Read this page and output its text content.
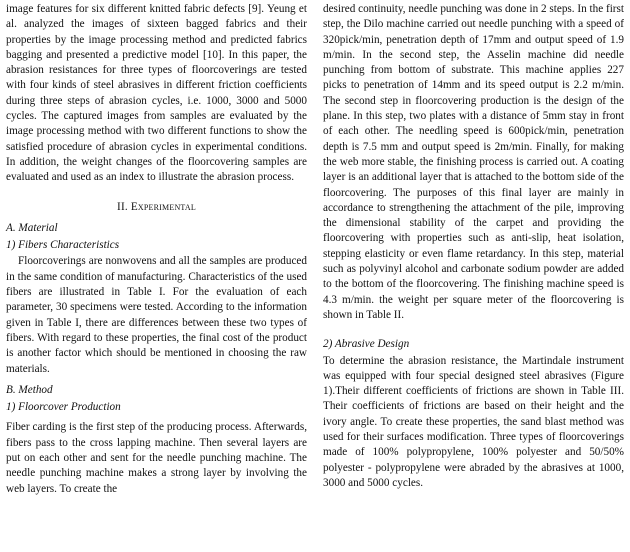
image features for six different knitted fabric defects [9]. Yeung et al. analyzed the images of sixteen bagged fabrics and their properties by the image processing method and predicted fabrics bagging and presented a predictive model [10]. In this paper, the abrasion resistances for three types of floorcoverings are tested with four kinds of steel abrasives in different friction coefficients during three steps of abrasion cycles, i.e. 1000, 3000 and 5000 cycles. The captured images from samples are evaluated by the image processing method with two different functions to show the satisfied procedure of abrasion cycles in experimental conditions. In addition, the weight changes of the floorcovering samples are evaluated and used as an index to illustrate the abrasion process.

II. Experimental
A. Material
1) Fibers Characteristics

Floorcoverings are nonwovens and all the samples are produced in the same condition of manufacturing. Characteristics of the used fibers are illustrated in Table I. For the evaluation of each parameter, 30 specimens were tested. According to the information given in Table I, there are differences between these two types of fibers. With regard to these properties, the final cost of the product is another factor which should be mentioned in choosing the raw materials.

B. Method
1) Floorcover Production

Fiber carding is the first step of the producing process. Afterwards, fibers pass to the cross lapping machine. Then several layers are put on each other and sent for the needle punching machine. The needle punching machine makes a strong layer by involving the web layers. To create the

desired continuity, needle punching was done in 2 steps. In the first step, the Dilo machine carried out needle punching with a speed of 320pick/min, penetration depth of 17mm and output speed of 1.9 m/min. In the second step, the Asselin machine did needle punching from bottom of substrate. This machine applies 227 picks to penetration of 14mm and its speed output is 2.2 m/min. The second step in floorcovering production is the design of the plane. In this step, two plates with a distance of 5mm stay in front of each other. The needling speed is 600pick/min, penetration depth is 7.5 mm and output speed is 2m/min. Finally, for making the web more stable, the finishing process is carried out. A coating layer is an additional layer that is attached to the bottom side of the floorcovering. The purposes of this final layer are mainly in accordance to strengthening the attachment of the pile, improving the dimensional stability of the carpet and providing the floorcovering with properties such as anti-slip, heat isolation, stepping elasticity or even flame retardancy. In this step, material such as polyvinyl alcohol and carbonate sodium powder are added to the bottom of the floorcovering. The finishing machine speed is 4.3 m/min. the weight per square meter of the floorcovering is shown in Table II.

2) Abrasive Design

To determine the abrasion resistance, the Martindale instrument was equipped with four special designed steel abrasives (Figure 1).Their different coefficients of frictions are shown in Table III. Their coefficients of frictions are based on their height and the ivory angle. To create these properties, the sand blast method was used for their surfaces modification. Three types of floorcoverings made of 100% polypropylene, 100% polyester and 50/50% polyester - polypropylene were abraded by the abrasives at 1000, 3000 and 5000 cycles.
